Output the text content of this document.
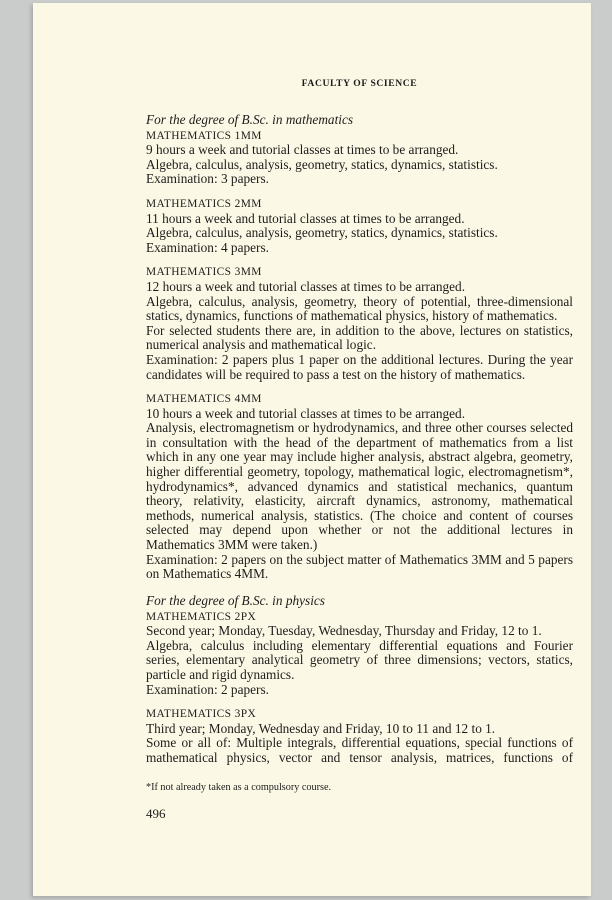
FACULTY OF SCIENCE
For the degree of B.Sc. in mathematics
MATHEMATICS 1MM
9 hours a week and tutorial classes at times to be arranged.
Algebra, calculus, analysis, geometry, statics, dynamics, statistics.
Examination: 3 papers.
MATHEMATICS 2MM
11 hours a week and tutorial classes at times to be arranged.
Algebra, calculus, analysis, geometry, statics, dynamics, statistics.
Examination: 4 papers.
MATHEMATICS 3MM
12 hours a week and tutorial classes at times to be arranged.
Algebra, calculus, analysis, geometry, theory of potential, three-dimensional statics, dynamics, functions of mathematical physics, history of mathematics.
For selected students there are, in addition to the above, lectures on statistics, numerical analysis and mathematical logic.
Examination: 2 papers plus 1 paper on the additional lectures. During the year candidates will be required to pass a test on the history of mathematics.
MATHEMATICS 4MM
10 hours a week and tutorial classes at times to be arranged.
Analysis, electromagnetism or hydrodynamics, and three other courses selected in consultation with the head of the department of mathematics from a list which in any one year may include higher analysis, abstract algebra, geometry, higher differential geometry, topology, mathematical logic, electromagnetism*, hydrodynamics*, advanced dynamics and statistical mechanics, quantum theory, relativity, elasticity, aircraft dynamics, astronomy, mathematical methods, numerical analysis, statistics. (The choice and content of courses selected may depend upon whether or not the additional lectures in Mathematics 3MM were taken.)
Examination: 2 papers on the subject matter of Mathematics 3MM and 5 papers on Mathematics 4MM.
For the degree of B.Sc. in physics
MATHEMATICS 2PX
Second year; Monday, Tuesday, Wednesday, Thursday and Friday, 12 to 1.
Algebra, calculus including elementary differential equations and Fourier series, elementary analytical geometry of three dimensions; vectors, statics, particle and rigid dynamics.
Examination: 2 papers.
MATHEMATICS 3PX
Third year; Monday, Wednesday and Friday, 10 to 11 and 12 to 1.
Some or all of: Multiple integrals, differential equations, special functions of mathematical physics, vector and tensor analysis, matrices, functions of
*If not already taken as a compulsory course.
496
